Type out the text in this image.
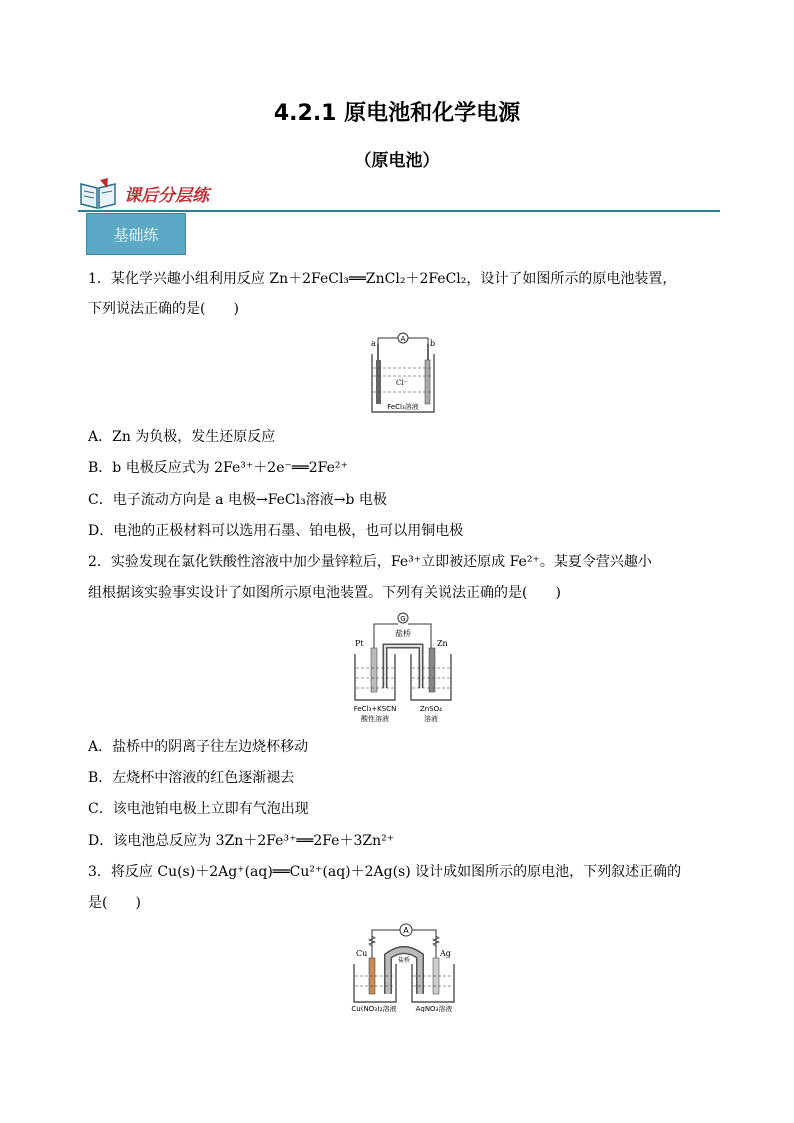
4.2.1 原电池和化学电源
（原电池）
课后分层练
基础练
1．某化学兴趣小组利用反应 Zn＋2FeCl₃══ZnCl₂＋2FeCl₂，设计了如图所示的原电池装置，
下列说法正确的是(　　)
A
a	b
Cl⁻
FeCl₃溶液
A．Zn 为负极，发生还原反应
B．b 电极反应式为 2Fe³⁺＋2e⁻══2Fe²⁺
C．电子流动方向是 a 电极→FeCl₃溶液→b 电极
D．电池的正极材料可以选用石墨、铂电极，也可以用铜电极
2．实验发现在氯化铁酸性溶液中加少量锌粒后，Fe³⁺立即被还原成 Fe²⁺。某夏令营兴趣小
组根据该实验事实设计了如图所示原电池装置。下列有关说法正确的是(　　)
G
盐桥
Pt	Zn
FeCl₃+KSCN
酸性溶液
ZnSO₄
溶液
A．盐桥中的阴离子往左边烧杯移动
B．左烧杯中溶液的红色逐渐褪去
C．该电池铂电极上立即有气泡出现
D．该电池总反应为 3Zn＋2Fe³⁺══2Fe＋3Zn²⁺
3．将反应 Cu(s)＋2Ag⁺(aq)══Cu²⁺(aq)＋2Ag(s) 设计成如图所示的原电池，下列叙述正确的
是(　　)
A
Cu	Ag
盐桥
Cu(NO₃)₂溶液	AgNO₃溶液
